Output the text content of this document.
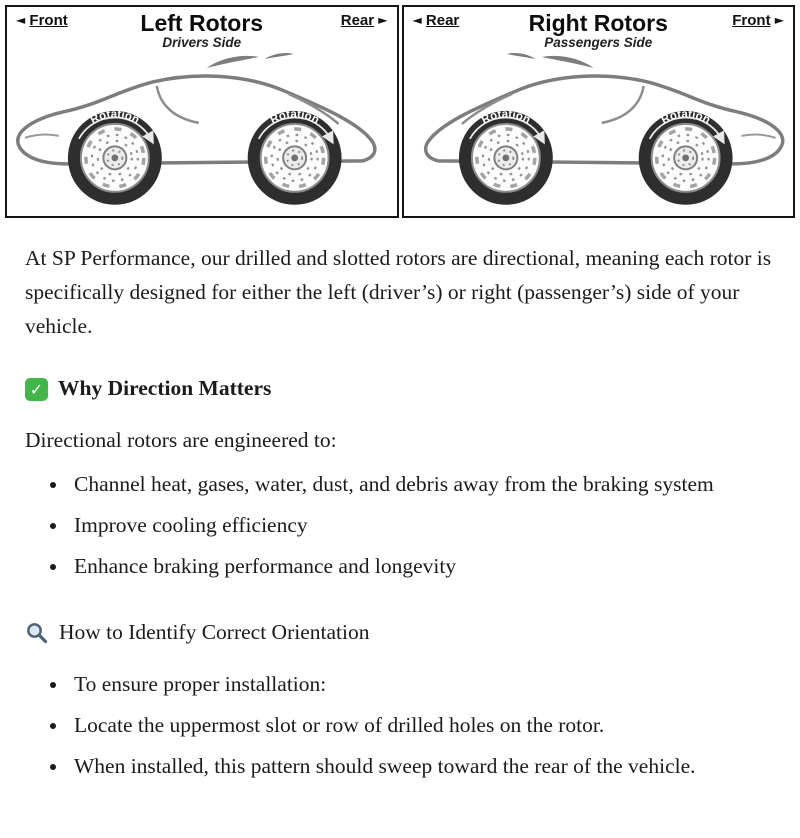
◄ Front	Left Rotors
Drivers Side
Rear ► ◄ Rear	Right Rotors
Passengers Side
Front ►

At SP Performance, our drilled and slotted rotors are directional, meaning each rotor is specifically designed for either the left (driver’s) or right (passenger’s) side of your vehicle.

✓ Why Direction Matters

Directional rotors are engineered to:

• Channel heat, gases, water, dust, and debris away from the braking system
• Improve cooling efficiency
• Enhance braking performance and longevity
How to Identify Correct Orientation
• To ensure proper installation:
• Locate the uppermost slot or row of drilled holes on the rotor.
• When installed, this pattern should sweep toward the rear of the vehicle.
